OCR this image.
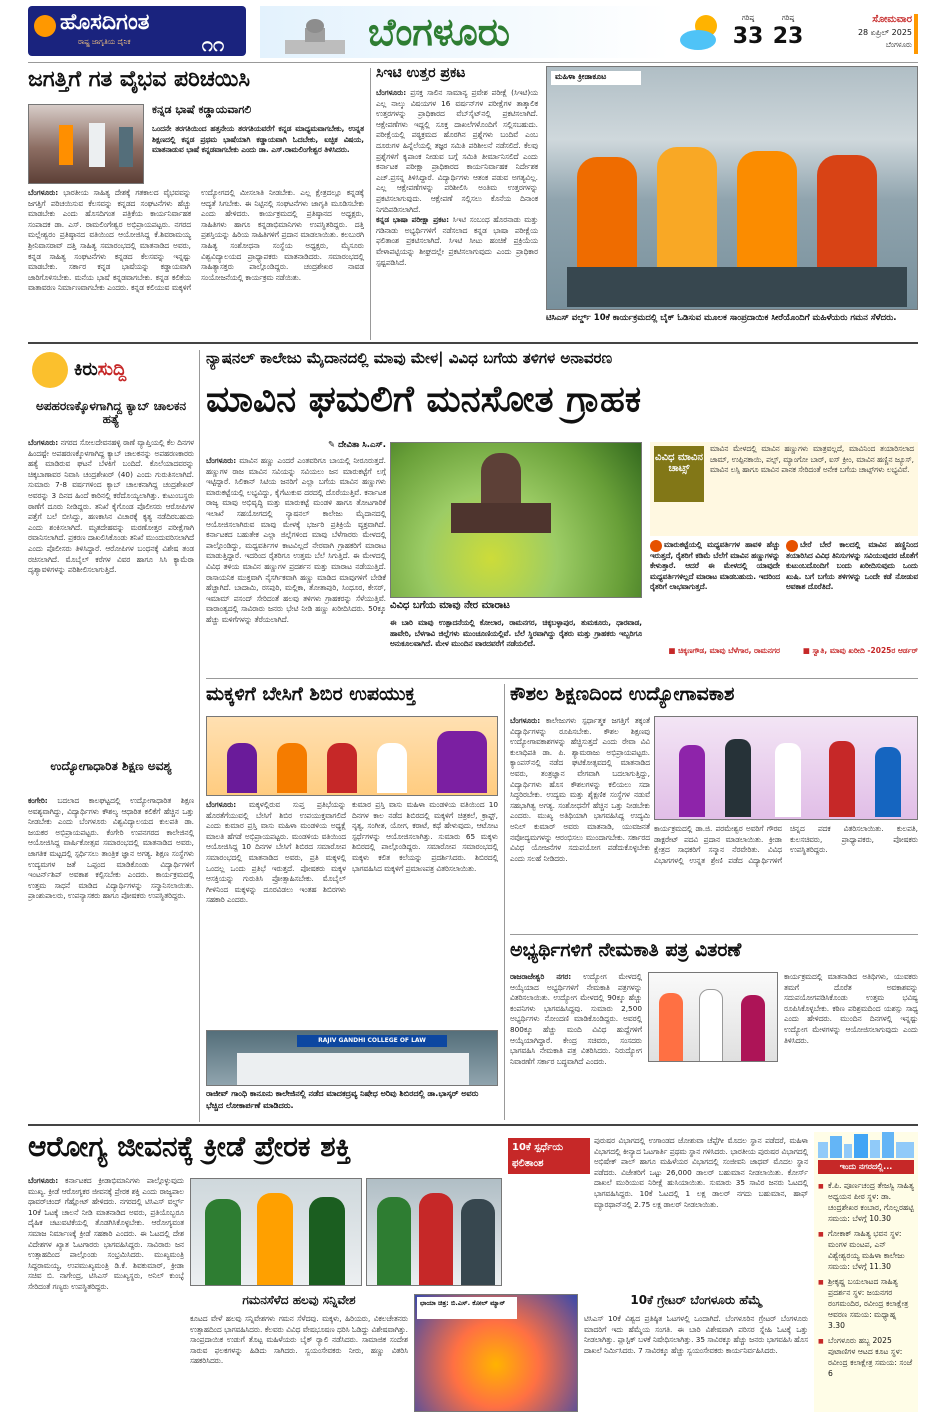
ಹೊಸದಿಗಂತ
ರಾಷ್ಟ್ರ ಜಾಗೃತಿಯ ದೈನಿಕ	೧೧	ಬೆಂಗಳೂರು	ಗರಿಷ್ಠ
33
ಗರಿಷ್ಠ
23
ಸೋಮವಾರ
28 ಏಪ್ರಿಲ್ 2025
ಬೆಂಗಳೂರು
ಜಗತ್ತಿಗೆ ಗತ ವೈಭವ ಪರಿಚಯಿಸಿ
ಕನ್ನಡ ಭಾಷೆ ಕಡ್ಡಾಯವಾಗಲಿ
ಒಂದನೇ ತರಗತಿಯಿಂದ ಹತ್ತನೇಯ ತರಗತಿಯವರೆಗೆ ಕನ್ನಡ ಮಾಧ್ಯಮವಾಗಬೇಕು, ಉನ್ನತ ಶಿಕ್ಷಣದಲ್ಲಿ ಕನ್ನಡ ಪ್ರಥಮ ಭಾಷೆಯಾಗಿ ಕಡ್ಡಾಯವಾಗಿ ಓದಬೇಕು, ಐಚ್ಛಿಕ ವಿಷಯ, ಮಾತನಾಡುವ ಭಾಷೆ ಕನ್ನಡವಾಗಬೇಕು ಎಂದು ಡಾ. ಎಸ್.ರಾಮಲಿಂಗೇಶ್ವರ ತಿಳಿಸಿದರು.
ಬೆಂಗಳೂರು: ಭಾರತೀಯ ಸಾಹಿತ್ಯ ದೇಶಕ್ಕೆ ಗತಕಾಲದ ವೈಭವವನ್ನು ಜಗತ್ತಿಗೆ ಪರಿಚಯಿಸುವ ಕೆಲಸವನ್ನು ಕನ್ನಡದ ಸಂಘಟನೆಗಳು ಹೆಚ್ಚು ಮಾಡಬೇಕು ಎಂದು ಹೊಸದಿಗಂತ ಪತ್ರಿಕೆಯ ಕಾರ್ಯನಿರ್ವಾಹಕ ಸಂಪಾದಕ ಡಾ. ಎಸ್. ರಾಮಲಿಂಗೇಶ್ವರ ಅಭಿಪ್ರಾಯಪಟ್ಟರು. ನಗರದ ಮಲ್ಲೇಶ್ವರಂ ಪ್ರತಿಷ್ಠಾನದ ವತಿಯಿಂದ ಆಯೋಜಿಸಿದ್ದ ಕೆ.ಶಿವರಾಮಯ್ಯ ಶ್ರೀನಿವಾಸರಾವ್ ದತ್ತಿ ಸಾಹಿತ್ಯ ಸಮಾರಂಭದಲ್ಲಿ ಮಾತನಾಡಿದ ಅವರು, ಕನ್ನಡ ಸಾಹಿತ್ಯ ಸಂಘಟನೆಗಳು ಕನ್ನಡದ ಕೆಲಸವನ್ನು ಇನ್ನಷ್ಟು ಮಾಡಬೇಕು. ಸರ್ಕಾರ ಕನ್ನಡ ಭಾಷೆಯನ್ನು ಕಡ್ಡಾಯವಾಗಿ ಜಾರಿಗೊಳಿಸಬೇಕು. ಮನೆಯ ಭಾಷೆ ಕನ್ನಡವಾಗಬೇಕು. ಕನ್ನಡ ಕಲಿಕೆಯ ವಾತಾವರಣ ನಿರ್ಮಾಣವಾಗಬೇಕು ಎಂದರು. ಕನ್ನಡ ಕಲಿಯುವ ಮಕ್ಕಳಿಗೆ ಉದ್ಯೋಗದಲ್ಲಿ ಮೀಸಲಾತಿ ನೀಡಬೇಕು. ಎಲ್ಲ ಕ್ಷೇತ್ರದಲ್ಲೂ ಕನ್ನಡಕ್ಕೆ ಆದ್ಯತೆ ಸಿಗಬೇಕು. ಈ ನಿಟ್ಟಿನಲ್ಲಿ ಸಂಘಟನೆಗಳು ಜಾಗೃತಿ ಮೂಡಿಸಬೇಕು ಎಂದು ಹೇಳಿದರು. ಕಾರ್ಯಕ್ರಮದಲ್ಲಿ ಪ್ರತಿಷ್ಠಾನದ ಅಧ್ಯಕ್ಷರು, ಸಾಹಿತಿಗಳು ಹಾಗೂ ಕನ್ನಡಾಭಿಮಾನಿಗಳು ಉಪಸ್ಥಿತರಿದ್ದರು. ದತ್ತಿ ಪ್ರಶಸ್ತಿಯನ್ನು ಹಿರಿಯ ಸಾಹಿತಿಗಳಿಗೆ ಪ್ರದಾನ ಮಾಡಲಾಯಿತು. ಕಲಬುರಗಿ ಸಾಹಿತ್ಯ ಸಂಶೋಧನಾ ಸಂಸ್ಥೆಯ ಅಧ್ಯಕ್ಷರು, ಮೈಸೂರು ವಿಶ್ವವಿದ್ಯಾಲಯದ ಪ್ರಾಧ್ಯಾಪಕರು ಮಾತನಾಡಿದರು. ಸಮಾರಂಭದಲ್ಲಿ ಸಾಹಿತ್ಯಾಸಕ್ತರು ಪಾಲ್ಗೊಂಡಿದ್ದರು. ಚಂದ್ರಶೇಖರ ನಾವಡ ಸಂಯೋಜನೆಯಲ್ಲಿ ಕಾರ್ಯಕ್ರಮ ನಡೆಯಿತು.
ಸಿಇಟಿ ಉತ್ತರ ಪ್ರಕಟ
ಬೆಂಗಳೂರು: ಪ್ರಸಕ್ತ ಸಾಲಿನ ಸಾಮಾನ್ಯ ಪ್ರವೇಶ ಪರೀಕ್ಷೆ (ಸಿಇಟಿ)ಯ ಎಲ್ಲ ನಾಲ್ಕು ವಿಷಯಗಳ 16 ವರ್ಷನ್‌ಗಳ ಪರೀಕ್ಷೆಗಳ ತಾತ್ಕಾಲಿಕ ಉತ್ತರಗಳನ್ನು ಪ್ರಾಧಿಕಾರದ ವೆಬ್‌ಸೈಟ್‌ನಲ್ಲಿ ಪ್ರಕಟಿಸಲಾಗಿದೆ. ಆಕ್ಷೇಪಣೆಗಳು ಇದ್ದಲ್ಲಿ ಸೂಕ್ತ ದಾಖಲೆಗಳೊಂದಿಗೆ ಸಲ್ಲಿಸಬಹುದು. ಪರೀಕ್ಷೆಯಲ್ಲಿ ಪಠ್ಯಕ್ರಮದ ಹೊರಗಿನ ಪ್ರಶ್ನೆಗಳು ಬಂದಿವೆ ಎಂಬ ದೂರುಗಳ ಹಿನ್ನೆಲೆಯಲ್ಲಿ ತಜ್ಞರ ಸಮಿತಿ ಪರಿಶೀಲನೆ ನಡೆಸಲಿದೆ. ಕೆಲವು ಪ್ರಶ್ನೆಗಳಿಗೆ ಕೃಪಾಂಕ ನೀಡುವ ಬಗ್ಗೆ ಸಮಿತಿ ತೀರ್ಮಾನಿಸಲಿದೆ ಎಂದು ಕರ್ನಾಟಕ ಪರೀಕ್ಷಾ ಪ್ರಾಧಿಕಾರದ ಕಾರ್ಯನಿರ್ವಾಹಕ ನಿರ್ದೇಶಕ ಎಚ್.ಪ್ರಸನ್ನ ತಿಳಿಸಿದ್ದಾರೆ. ವಿದ್ಯಾರ್ಥಿಗಳು ಆತಂಕ ಪಡುವ ಅಗತ್ಯವಿಲ್ಲ. ಎಲ್ಲ ಆಕ್ಷೇಪಣೆಗಳನ್ನು ಪರಿಶೀಲಿಸಿ ಅಂತಿಮ ಉತ್ತರಗಳನ್ನು ಪ್ರಕಟಿಸಲಾಗುವುದು. ಆಕ್ಷೇಪಣೆ ಸಲ್ಲಿಸಲು ಕೊನೆಯ ದಿನಾಂಕ ನಿಗದಿಪಡಿಸಲಾಗಿದೆ.
ಕನ್ನಡ ಭಾಷಾ ಪರೀಕ್ಷಾ ಪ್ರಕಟ: ಸಿಇಟಿ ಸಂಬಂಧ ಹೊರನಾಡು ಮತ್ತು ಗಡಿನಾಡು ಅಭ್ಯರ್ಥಿಗಳಿಗೆ ನಡೆಸಲಾದ ಕನ್ನಡ ಭಾಷಾ ಪರೀಕ್ಷೆಯ ಫಲಿತಾಂಶ ಪ್ರಕಟಿಸಲಾಗಿದೆ. ಸಿಇಟಿ ಸೀಟು ಹಂಚಿಕೆ ಪ್ರಕ್ರಿಯೆಯ ವೇಳಾಪಟ್ಟಿಯನ್ನು ಶೀಘ್ರದಲ್ಲೇ ಪ್ರಕಟಿಸಲಾಗುವುದು ಎಂದು ಪ್ರಾಧಿಕಾರ ಸ್ಪಷ್ಟಪಡಿಸಿದೆ.
ಮಹಿಳಾ ಕ್ರೀಡಾಕೂಟ
ಟಿಸಿಎಸ್ ವರ್ಲ್ಡ್ 10ಕೆ ಕಾರ್ಯಕ್ರಮದಲ್ಲಿ ಬೈಕ್ ಓಡಿಸುವ ಮೂಲಕ ಸಾಂಪ್ರದಾಯಿಕ ಸೀರೆಯೊಂದಿಗೆ ಮಹಿಳೆಯರು ಗಮನ ಸೆಳೆದರು.
ಕಿರುಸುದ್ದಿ
ಅಪಹರಣಕ್ಕೊಳಗಾಗಿದ್ದ ಕ್ಯಾಬ್ ಚಾಲಕನ ಹತ್ಯೆ
ಬೆಂಗಳೂರು: ನಗರದ ಸೋಲದೇವನಹಳ್ಳಿ ಠಾಣೆ ವ್ಯಾಪ್ತಿಯಲ್ಲಿ ಕೆಲ ದಿನಗಳ ಹಿಂದಷ್ಟೇ ಅಪಹರಣಕ್ಕೊಳಗಾಗಿದ್ದ ಕ್ಯಾಬ್ ಚಾಲಕನನ್ನು ಅಪಹರಣಕಾರರು ಹತ್ಯೆ ಮಾಡಿರುವ ಘಟನೆ ಬೆಳಕಿಗೆ ಬಂದಿದೆ. ಕೊಲೆಯಾದವರನ್ನು ಚಿಕ್ಕಬಾಣಾವರ ನಿವಾಸಿ ಚಂದ್ರಶೇಖರ್ (40) ಎಂದು ಗುರುತಿಸಲಾಗಿದೆ. ಸುಮಾರು 7-8 ವರ್ಷಗಳಿಂದ ಕ್ಯಾಬ್ ಚಾಲಕನಾಗಿದ್ದ ಚಂದ್ರಶೇಖರ್ ಅವರನ್ನು 3 ದಿನದ ಹಿಂದೆ ಕಾರಿನಲ್ಲಿ ಕರೆದೊಯ್ಯಲಾಗಿತ್ತು. ಕುಟುಂಬಸ್ಥರು ಠಾಣೆಗೆ ದೂರು ನೀಡಿದ್ದರು. ತನಿಖೆ ಕೈಗೊಂಡ ಪೊಲೀಸರು ಆರೋಪಿಗಳ ಪತ್ತೆಗೆ ಬಲೆ ಬೀಸಿದ್ದು, ಹಣಕಾಸಿನ ವಿಚಾರಕ್ಕೆ ಕೃತ್ಯ ನಡೆದಿರಬಹುದು ಎಂದು ಶಂಕಿಸಲಾಗಿದೆ. ಮೃತದೇಹವನ್ನು ಮರಣೋತ್ತರ ಪರೀಕ್ಷೆಗಾಗಿ ರವಾನಿಸಲಾಗಿದೆ. ಪ್ರಕರಣ ದಾಖಲಿಸಿಕೊಂಡು ತನಿಖೆ ಮುಂದುವರಿಸಲಾಗಿದೆ ಎಂದು ಪೊಲೀಸರು ತಿಳಿಸಿದ್ದಾರೆ. ಆರೋಪಿಗಳ ಬಂಧನಕ್ಕೆ ವಿಶೇಷ ತಂಡ ರಚಿಸಲಾಗಿದೆ. ಮೊಬೈಲ್ ಕರೆಗಳ ವಿವರ ಹಾಗೂ ಸಿಸಿ ಕ್ಯಾಮೆರಾ ದೃಶ್ಯಾವಳಿಗಳನ್ನು ಪರಿಶೀಲಿಸಲಾಗುತ್ತಿದೆ.
ಉದ್ಯೋಗಾಧಾರಿತ ಶಿಕ್ಷಣ ಅವಶ್ಯ
ಕಂಗೇರಿ: ಬದಲಾದ ಕಾಲಘಟ್ಟದಲ್ಲಿ ಉದ್ಯೋಗಾಧಾರಿತ ಶಿಕ್ಷಣ ಅವಶ್ಯವಾಗಿದ್ದು, ವಿದ್ಯಾರ್ಥಿಗಳು ಕೌಶಲ್ಯ ಆಧಾರಿತ ಕಲಿಕೆಗೆ ಹೆಚ್ಚಿನ ಒತ್ತು ನೀಡಬೇಕು ಎಂದು ಬೆಂಗಳೂರು ವಿಶ್ವವಿದ್ಯಾಲಯದ ಕುಲಪತಿ ಡಾ. ಜಯಕರ ಅಭಿಪ್ರಾಯಪಟ್ಟರು. ಕೆಂಗೇರಿ ಉಪನಗರದ ಕಾಲೇಜಿನಲ್ಲಿ ಆಯೋಜಿಸಿದ್ದ ವಾರ್ಷಿಕೋತ್ಸವ ಸಮಾರಂಭದಲ್ಲಿ ಮಾತನಾಡಿದ ಅವರು, ಜಾಗತಿಕ ಮಟ್ಟದಲ್ಲಿ ಸ್ಪರ್ಧಿಸಲು ತಾಂತ್ರಿಕ ಜ್ಞಾನ ಅಗತ್ಯ. ಶಿಕ್ಷಣ ಸಂಸ್ಥೆಗಳು ಉದ್ಯಮಗಳ ಜತೆ ಒಪ್ಪಂದ ಮಾಡಿಕೊಂಡು ವಿದ್ಯಾರ್ಥಿಗಳಿಗೆ ಇಂಟರ್ನ್‌ಶಿಪ್ ಅವಕಾಶ ಕಲ್ಪಿಸಬೇಕು ಎಂದರು. ಕಾರ್ಯಕ್ರಮದಲ್ಲಿ ಉತ್ತಮ ಸಾಧನೆ ಮಾಡಿದ ವಿದ್ಯಾರ್ಥಿಗಳನ್ನು ಸನ್ಮಾನಿಸಲಾಯಿತು. ಪ್ರಾಂಶುಪಾಲರು, ಉಪನ್ಯಾಸಕರು ಹಾಗೂ ಪೋಷಕರು ಉಪಸ್ಥಿತರಿದ್ದರು.
ನ್ಯಾಷನಲ್ ಕಾಲೇಜು ಮೈದಾನದಲ್ಲಿ ಮಾವು ಮೇಳ| ವಿವಿಧ ಬಗೆಯ ತಳಿಗಳ ಅನಾವರಣ
ಮಾವಿನ ಘಮಲಿಗೆ ಮನಸೋತ ಗ್ರಾಹಕ
✎ ದೇವಿತಾ ಸಿ.ಎಸ್.
ಬೆಂಗಳೂರು: ಮಾವಿನ ಹಣ್ಣು ಎಂದರೆ ಎಂತವರಿಗೂ ಬಾಯಲ್ಲಿ ನೀರೂರುತ್ತದೆ. ಹಣ್ಣುಗಳ ರಾಜ ಮಾವಿನ ಸವಿಯನ್ನು ಸವಿಯಲು ಜನ ಮಾರುಕಟ್ಟೆಗೆ ಲಗ್ಗೆ ಇಟ್ಟಿದ್ದಾರೆ. ಸಿಲಿಕಾನ್ ಸಿಟಿಯ ಜನರಿಗೆ ಎಲ್ಲಾ ಬಗೆಯ ಮಾವಿನ ಹಣ್ಣುಗಳು ಮಾರುಕಟ್ಟೆಯಲ್ಲಿ ಲಭ್ಯವಿದ್ದು, ಕೈಗೆಟುಕುವ ದರದಲ್ಲಿ ದೊರೆಯುತ್ತಿವೆ. ಕರ್ನಾಟಕ ರಾಜ್ಯ ಮಾವು ಅಭಿವೃದ್ಧಿ ಮತ್ತು ಮಾರುಕಟ್ಟೆ ಮಂಡಳಿ ಹಾಗೂ ತೋಟಗಾರಿಕೆ ಇಲಾಖೆ ಸಹಯೋಗದಲ್ಲಿ ನ್ಯಾಷನಲ್ ಕಾಲೇಜು ಮೈದಾನದಲ್ಲಿ ಆಯೋಜಿಸಲಾಗಿರುವ ಮಾವು ಮೇಳಕ್ಕೆ ಭರ್ಜರಿ ಪ್ರತಿಕ್ರಿಯೆ ವ್ಯಕ್ತವಾಗಿದೆ. ಕರ್ನಾಟಕದ ಬಹುತೇಕ ಎಲ್ಲಾ ಜಿಲ್ಲೆಗಳಿಂದ ಮಾವು ಬೆಳೆಗಾರರು ಮೇಳದಲ್ಲಿ ಪಾಲ್ಗೊಂಡಿದ್ದು, ಮಧ್ಯವರ್ತಿಗಳ ಕಾಟವಿಲ್ಲದೆ ನೇರವಾಗಿ ಗ್ರಾಹಕರಿಗೆ ಮಾರಾಟ ಮಾಡುತ್ತಿದ್ದಾರೆ. ಇದರಿಂದ ರೈತರಿಗೂ ಉತ್ತಮ ಬೆಲೆ ಸಿಗುತ್ತಿದೆ. ಈ ಮೇಳದಲ್ಲಿ ವಿವಿಧ ತಳಿಯ ಮಾವಿನ ಹಣ್ಣುಗಳ ಪ್ರದರ್ಶನ ಮತ್ತು ಮಾರಾಟ ನಡೆಯುತ್ತಿದೆ. ರಾಸಾಯನಿಕ ಮುಕ್ತವಾಗಿ ನೈಸರ್ಗಿಕವಾಗಿ ಹಣ್ಣು ಮಾಡಿದ ಮಾವುಗಳಿಗೆ ಬೇಡಿಕೆ ಹೆಚ್ಚಾಗಿದೆ. ಬಾದಾಮಿ, ರಸಪುರಿ, ಮಲ್ಲಿಕಾ, ತೋತಾಪುರಿ, ಸಿಂಧೂರ, ಕೇಸರ್, ಇಮಾಮ್ ಪಸಂದ್ ಸೇರಿದಂತೆ ಹಲವು ತಳಿಗಳು ಗ್ರಾಹಕರನ್ನು ಸೆಳೆಯುತ್ತಿವೆ. ವಾರಾಂತ್ಯದಲ್ಲಿ ಸಾವಿರಾರು ಜನರು ಭೇಟಿ ನೀಡಿ ಹಣ್ಣು ಖರೀದಿಸಿದರು. 50ಕ್ಕೂ ಹೆಚ್ಚು ಮಳಿಗೆಗಳನ್ನು ತೆರೆಯಲಾಗಿದೆ.
ವಿವಿಧ ಬಗೆಯ ಮಾವು ನೇರ ಮಾರಾಟ
ಈ ಬಾರಿ ಮಾವು ಉತ್ಪಾದನೆಯಲ್ಲಿ ಕೋಲಾರ, ರಾಮನಗರ, ಚಿಕ್ಕಬಳ್ಳಾಪುರ, ತುಮಕೂರು, ಧಾರವಾಡ, ಹಾವೇರಿ, ಬೆಳಗಾವಿ ಜಿಲ್ಲೆಗಳು ಮುಂಚೂಣಿಯಲ್ಲಿವೆ. ಬೆಲೆ ಸ್ಥಿರವಾಗಿದ್ದು ರೈತರು ಮತ್ತು ಗ್ರಾಹಕರು ಇಬ್ಬರಿಗೂ ಅನುಕೂಲವಾಗಿದೆ. ಮೇಳ ಮುಂದಿನ ವಾರದವರೆಗೆ ನಡೆಯಲಿದೆ.
ವಿವಿಧ ಮಾವಿನ ಚಾಟ್ಸ್
ಮಾವಿನ ಮೇಳದಲ್ಲಿ ಮಾವಿನ ಹಣ್ಣುಗಳು ಮಾತ್ರವಲ್ಲದೆ, ಮಾವಿನಿಂದ ತಯಾರಿಸಲಾದ ಜಾಮ್, ಉಪ್ಪಿನಕಾಯಿ, ಪಲ್ಪ್, ಮ್ಯಾಂಗೋ ಬಾರ್, ಐಸ್ ಕ್ರೀಂ, ಮಾವಿನ ಹಣ್ಣಿನ ಜ್ಯೂಸ್, ಮಾವಿನ ಲಸ್ಸಿ ಹಾಗೂ ಮಾವಿನ ಪಾನಕ ಸೇರಿದಂತೆ ಅನೇಕ ಬಗೆಯ ಚಾಟ್ಸ್‌ಗಳು ಲಭ್ಯವಿವೆ.
ಮಾರುಕಟ್ಟೆಯಲ್ಲಿ ಮಧ್ಯವರ್ತಿಗಳ ಹಾವಳಿ ಹೆಚ್ಚು ಇರುತ್ತದೆ, ರೈತರಿಗೆ ಕಡಿಮೆ ಬೆಲೆಗೆ ಮಾವಿನ ಹಣ್ಣುಗಳನ್ನು ಕೇಳುತ್ತಾರೆ. ಆದರೆ ಈ ಮೇಳದಲ್ಲಿ ಯಾವುದೇ ಮಧ್ಯವರ್ತಿಗಳಿಲ್ಲದೆ ಮಾರಾಟ ಮಾಡಬಹುದು. ಇದರಿಂದ ರೈತರಿಗೆ ಲಾಭವಾಗುತ್ತದೆ.
■ ಚಿಕ್ಕಣಗೌಡ, ಮಾವು ಬೆಳೆಗಾರ, ರಾಮನಗರ
ಬೇರೆ ಬೇರೆ ಕಾಲದಲ್ಲಿ ಮಾವಿನ ಹಣ್ಣಿನಿಂದ ತಯಾರಿಸಿದ ವಿವಿಧ ತಿನಿಸುಗಳನ್ನು ಸವಿಯುವುದರ ಜೊತೆಗೆ ಕುಟುಂಬದೊಂದಿಗೆ ಬಂದು ಖರೀದಿಸುವುದು ಒಂದು ಖುಷಿ. ಬಗೆ ಬಗೆಯ ತಳಿಗಳನ್ನು ಒಂದೇ ಕಡೆ ನೋಡುವ ಅವಕಾಶ ದೊರೆತಿದೆ.
■ ಸ್ವಾತಿ, ಮಾವು ಖರೀದಿ -2025ರ ಆರ್ಡರ್
ಮಕ್ಕಳಿಗೆ ಬೇಸಿಗೆ ಶಿಬಿರ ಉಪಯುಕ್ತ
ಬೆಂಗಳೂರು: ಮಕ್ಕಳಲ್ಲಿರುವ ಸುಪ್ತ ಪ್ರತಿಭೆಯನ್ನು ಹೊರತೆಗೆಯುವಲ್ಲಿ ಬೇಸಿಗೆ ಶಿಬಿರ ಉಪಯುಕ್ತವಾಗಲಿದೆ ಎಂದು ಕುಮಾರ ಪ್ರಸ್ತಿ ವಾಸು ಮಹಿಳಾ ಮಂಡಳಿಯ ಅಧ್ಯಕ್ಷೆ ಮಾಲತಿ ಹೆಗಡೆ ಅಭಿಪ್ರಾಯಪಟ್ಟರು. ಮಂಡಳಿಯ ವತಿಯಿಂದ ಆಯೋಜಿಸಿದ್ದ 10 ದಿನಗಳ ಬೇಸಿಗೆ ಶಿಬಿರದ ಸಮಾರೋಪ ಸಮಾರಂಭದಲ್ಲಿ ಮಾತನಾಡಿದ ಅವರು, ಪ್ರತಿ ಮಕ್ಕಳಲ್ಲಿ ಒಂದಲ್ಲ ಒಂದು ಪ್ರತಿಭೆ ಇರುತ್ತದೆ. ಪೋಷಕರು ಮಕ್ಕಳ ಆಸಕ್ತಿಯನ್ನು ಗುರುತಿಸಿ ಪ್ರೋತ್ಸಾಹಿಸಬೇಕು. ಮೊಬೈಲ್ ಗೀಳಿನಿಂದ ಮಕ್ಕಳನ್ನು ದೂರವಿಡಲು ಇಂತಹ ಶಿಬಿರಗಳು ಸಹಕಾರಿ ಎಂದರು.
ಕುಮಾರ ಪ್ರಸ್ತಿ ವಾಸು ಮಹಿಳಾ ಮಂಡಳಿಯ ವತಿಯಿಂದ 10 ದಿನಗಳ ಕಾಲ ನಡೆದ ಶಿಬಿರದಲ್ಲಿ ಮಕ್ಕಳಿಗೆ ಚಿತ್ರಕಲೆ, ಕ್ರಾಫ್ಟ್, ನೃತ್ಯ, ಸಂಗೀತ, ಯೋಗ, ಕರಾಟೆ, ಕಥೆ ಹೇಳುವುದು, ಆಟೋಟ ಸ್ಪರ್ಧೆಗಳನ್ನು ಆಯೋಜಿಸಲಾಗಿತ್ತು. ಸುಮಾರು 65 ಮಕ್ಕಳು ಶಿಬಿರದಲ್ಲಿ ಪಾಲ್ಗೊಂಡಿದ್ದರು. ಸಮಾರೋಪ ಸಮಾರಂಭದಲ್ಲಿ ಮಕ್ಕಳು ಕಲಿತ ಕಲೆಯನ್ನು ಪ್ರದರ್ಶಿಸಿದರು. ಶಿಬಿರದಲ್ಲಿ ಭಾಗವಹಿಸಿದ ಮಕ್ಕಳಿಗೆ ಪ್ರಮಾಣಪತ್ರ ವಿತರಿಸಲಾಯಿತು.
RAJIV GANDHI COLLEGE OF LAW
ರಾಜೀವ್ ಗಾಂಧಿ ಕಾನೂನು ಕಾಲೇಜಿನಲ್ಲಿ ನಡೆದ ಮಾದಕದ್ರವ್ಯ ನಿಷೇಧ ಅರಿವು ಶಿಬಿರದಲ್ಲಿ ಡಾ.ಭಾಸ್ಕರ್ ಅವರು ಭೆಚ್ಚಿದ ಲೋಕಾರ್ಪಣೆ ಮಾಡಿದರು.
ಕೌಶಲ ಶಿಕ್ಷಣದಿಂದ ಉದ್ಯೋಗಾವಕಾಶ
ಬೆಂಗಳೂರು: ಕಾಲೇಜುಗಳು ಸ್ಪರ್ಧಾತ್ಮಕ ಜಗತ್ತಿಗೆ ತಕ್ಕಂತೆ ವಿದ್ಯಾರ್ಥಿಗಳನ್ನು ರೂಪಿಸಬೇಕು. ಕೌಶಲ ಶಿಕ್ಷಣವು ಉದ್ಯೋಗಾವಕಾಶಗಳನ್ನು ಹೆಚ್ಚಿಸುತ್ತದೆ ಎಂದು ರೇವಾ ವಿವಿ ಕುಲಾಧಿಪತಿ ಡಾ. ಪಿ. ಶ್ಯಾಮರಾಜು ಅಭಿಪ್ರಾಯಪಟ್ಟರು. ಕ್ಯಾಂಪಸ್‌ನಲ್ಲಿ ನಡೆದ ಘಟಿಕೋತ್ಸವದಲ್ಲಿ ಮಾತನಾಡಿದ ಅವರು, ತಂತ್ರಜ್ಞಾನ ವೇಗವಾಗಿ ಬದಲಾಗುತ್ತಿದ್ದು, ವಿದ್ಯಾರ್ಥಿಗಳು ಹೊಸ ಕೌಶಲಗಳನ್ನು ಕಲಿಯಲು ಸದಾ ಸಿದ್ಧರಿರಬೇಕು. ಉದ್ಯಮ ಮತ್ತು ಶೈಕ್ಷಣಿಕ ಸಂಸ್ಥೆಗಳ ನಡುವೆ ಸಹಭಾಗಿತ್ವ ಅಗತ್ಯ. ಸಂಶೋಧನೆಗೆ ಹೆಚ್ಚಿನ ಒತ್ತು ನೀಡಬೇಕು ಎಂದರು. ಮುಖ್ಯ ಅತಿಥಿಯಾಗಿ ಭಾಗವಹಿಸಿದ್ದ ಉದ್ಯಮಿ ಅನಿಲ್ ಕುಮಾರ್ ಅವರು ಮಾತನಾಡಿ, ಯುವಜನತೆ ನವೋದ್ಯಮಗಳನ್ನು ಆರಂಭಿಸಲು ಮುಂದಾಗಬೇಕು. ಸರ್ಕಾರದ ವಿವಿಧ ಯೋಜನೆಗಳ ಸದುಪಯೋಗ ಪಡೆದುಕೊಳ್ಳಬೇಕು ಎಂದು ಸಲಹೆ ನೀಡಿದರು.
ಕಾರ್ಯಕ್ರಮದಲ್ಲಿ ಡಾ.ಜಿ. ಪರಮೇಶ್ವರ ಅವರಿಗೆ ಗೌರವ ಡಾಕ್ಟರೇಟ್ ಪದವಿ ಪ್ರದಾನ ಮಾಡಲಾಯಿತು. ಕ್ರೀಡಾ ಕ್ಷೇತ್ರದ ಸಾಧಕರಿಗೆ ಸನ್ಮಾನ ನೆರವೇರಿತು. ವಿವಿಧ ವಿಭಾಗಗಳಲ್ಲಿ ಉನ್ನತ ಶ್ರೇಣಿ ಪಡೆದ ವಿದ್ಯಾರ್ಥಿಗಳಿಗೆ ಚಿನ್ನದ ಪದಕ ವಿತರಿಸಲಾಯಿತು. ಕುಲಪತಿ, ಕುಲಸಚಿವರು, ಪ್ರಾಧ್ಯಾಪಕರು, ಪೋಷಕರು ಉಪಸ್ಥಿತರಿದ್ದರು.
ಅಭ್ಯರ್ಥಿಗಳಿಗೆ ನೇಮಕಾತಿ ಪತ್ರ ವಿತರಣೆ
ರಾಜರಾಜೇಶ್ವರಿ ನಗರ: ಉದ್ಯೋಗ ಮೇಳದಲ್ಲಿ ಆಯ್ಕೆಯಾದ ಅಭ್ಯರ್ಥಿಗಳಿಗೆ ನೇಮಕಾತಿ ಪತ್ರಗಳನ್ನು ವಿತರಿಸಲಾಯಿತು. ಉದ್ಯೋಗ ಮೇಳದಲ್ಲಿ 90ಕ್ಕೂ ಹೆಚ್ಚು ಕಂಪನಿಗಳು ಭಾಗವಹಿಸಿದ್ದವು. ಸುಮಾರು 2,500 ಅಭ್ಯರ್ಥಿಗಳು ನೋಂದಣಿ ಮಾಡಿಕೊಂಡಿದ್ದರು. ಅವರಲ್ಲಿ 800ಕ್ಕೂ ಹೆಚ್ಚು ಮಂದಿ ವಿವಿಧ ಹುದ್ದೆಗಳಿಗೆ ಆಯ್ಕೆಯಾಗಿದ್ದಾರೆ. ಕೇಂದ್ರ ಸಚಿವರು, ಸಂಸದರು ಭಾಗವಹಿಸಿ ನೇಮಕಾತಿ ಪತ್ರ ವಿತರಿಸಿದರು. ನಿರುದ್ಯೋಗ ನಿವಾರಣೆಗೆ ಸರ್ಕಾರ ಬದ್ಧವಾಗಿದೆ ಎಂದರು.
ಕಾರ್ಯಕ್ರಮದಲ್ಲಿ ಮಾತನಾಡಿದ ಅತಿಥಿಗಳು, ಯುವಕರು ತಮಗೆ ದೊರೆತ ಅವಕಾಶವನ್ನು ಸದುಪಯೋಗಪಡಿಸಿಕೊಂಡು ಉತ್ತಮ ಭವಿಷ್ಯ ರೂಪಿಸಿಕೊಳ್ಳಬೇಕು. ಕಠಿಣ ಪರಿಶ್ರಮದಿಂದ ಯಶಸ್ಸು ಸಾಧ್ಯ ಎಂದು ಹೇಳಿದರು. ಮುಂದಿನ ದಿನಗಳಲ್ಲಿ ಇನ್ನಷ್ಟು ಉದ್ಯೋಗ ಮೇಳಗಳನ್ನು ಆಯೋಜಿಸಲಾಗುವುದು ಎಂದು ತಿಳಿಸಿದರು.
ಆರೋಗ್ಯ ಜೀವನಕ್ಕೆ ಕ್ರೀಡೆ ಪ್ರೇರಕ ಶಕ್ತಿ
ಬೆಂಗಳೂರು: ಕರ್ನಾಟಕದ ಕ್ರೀಡಾಭಿಮಾನಿಗಳು ಪಾಲ್ಗೊಳ್ಳುವುದು ಮುಖ್ಯ. ಕ್ರೀಡೆ ಆರೋಗ್ಯಕರ ಜೀವನಕ್ಕೆ ಪ್ರೇರಕ ಶಕ್ತಿ ಎಂದು ರಾಜ್ಯಪಾಲ ಥಾವರ್‌ಚಂದ್ ಗೆಹ್ಲೋಟ್ ಹೇಳಿದರು. ನಗರದಲ್ಲಿ ಟಿಸಿಎಸ್ ವರ್ಲ್ಡ್ 10ಕೆ ಓಟಕ್ಕೆ ಚಾಲನೆ ನೀಡಿ ಮಾತನಾಡಿದ ಅವರು, ಪ್ರತಿಯೊಬ್ಬರೂ ದೈಹಿಕ ಚಟುವಟಿಕೆಯಲ್ಲಿ ತೊಡಗಿಸಿಕೊಳ್ಳಬೇಕು. ಆರೋಗ್ಯವಂತ ಸಮಾಜ ನಿರ್ಮಾಣಕ್ಕೆ ಕ್ರೀಡೆ ಸಹಕಾರಿ ಎಂದರು. ಈ ಓಟದಲ್ಲಿ ದೇಶ ವಿದೇಶಗಳ ಖ್ಯಾತ ಓಟಗಾರರು ಭಾಗವಹಿಸಿದ್ದರು. ಸಾವಿರಾರು ಜನ ಉತ್ಸಾಹದಿಂದ ಪಾಲ್ಗೊಂಡು ಸಂಭ್ರಮಿಸಿದರು. ಮುಖ್ಯಮಂತ್ರಿ ಸಿದ್ದರಾಮಯ್ಯ, ಉಪಮುಖ್ಯಮಂತ್ರಿ ಡಿ.ಕೆ. ಶಿವಕುಮಾರ್, ಕ್ರೀಡಾ ಸಚಿವ ಬಿ. ನಾಗೇಂದ್ರ, ಟಿಸಿಎಸ್ ಮುಖ್ಯಸ್ಥರು, ಅನಿಲ್ ಕುಂಬ್ಳೆ ಸೇರಿದಂತೆ ಗಣ್ಯರು ಉಪಸ್ಥಿತರಿದ್ದರು.
10ಕೆ ಸ್ಪರ್ಧೆಯ ಫಲಿತಾಂಶ
ಪುರುಷರ ವಿಭಾಗದಲ್ಲಿ ಉಗಾಂಡದ ಜೋಶುವಾ ಚೆಪ್ಟೆಗೀ ಮೊದಲ ಸ್ಥಾನ ಪಡೆದರೆ, ಮಹಿಳಾ ವಿಭಾಗದಲ್ಲಿ ಕೀನ್ಯಾದ ಓಟಗಾರ್ತಿ ಪ್ರಥಮ ಸ್ಥಾನ ಗಳಿಸಿದರು. ಭಾರತೀಯ ಪುರುಷರ ವಿಭಾಗದಲ್ಲಿ ಅಭಿಷೇಕ್ ಪಾಲ್ ಹಾಗೂ ಮಹಿಳೆಯರ ವಿಭಾಗದಲ್ಲಿ ಸಂಜೀವನಿ ಜಾಧವ್ ಮೊದಲ ಸ್ಥಾನ ಪಡೆದರು. ವಿಜೇತರಿಗೆ ಒಟ್ಟು 26,000 ಡಾಲರ್ ಬಹುಮಾನ ನೀಡಲಾಯಿತು. ಕೋರ್ಸ್ ದಾಖಲೆ ಮುರಿಯುವ ನಿರೀಕ್ಷೆ ಹುಸಿಯಾಯಿತು. ಸುಮಾರು 35 ಸಾವಿರ ಜನರು ಓಟದಲ್ಲಿ ಭಾಗವಹಿಸಿದ್ದರು. 10ಕೆ ಓಟದಲ್ಲಿ 1 ಲಕ್ಷ ಡಾಲರ್ ನಗದು ಬಹುಮಾನ, ಹಾಫ್ ಮ್ಯಾರಥಾನ್‌ನಲ್ಲಿ 2.75 ಲಕ್ಷ ಡಾಲರ್ ನೀಡಲಾಯಿತು.
ಗಮನಸೆಳೆದ ಹಲವು ಸನ್ನಿವೇಶ
ಕೂಟದ ವೇಳೆ ಹಲವು ಸನ್ನಿವೇಶಗಳು ಗಮನ ಸೆಳೆದವು. ಮಕ್ಕಳು, ಹಿರಿಯರು, ವಿಕಲಚೇತನರು ಉತ್ಸಾಹದಿಂದ ಭಾಗವಹಿಸಿದರು. ಕೆಲವರು ವಿವಿಧ ವೇಷಭೂಷಣ ಧರಿಸಿ ಓಡಿದ್ದು ವಿಶೇಷವಾಗಿತ್ತು. ಸಾಂಪ್ರದಾಯಿಕ ಉಡುಗೆ ತೊಟ್ಟ ಮಹಿಳೆಯರು ಬೈಕ್ ರ‍್ಯಾಲಿ ನಡೆಸಿದರು. ಸಾಮಾಜಿಕ ಸಂದೇಶ ಸಾರುವ ಫಲಕಗಳನ್ನು ಹಿಡಿದು ಸಾಗಿದರು. ಸ್ವಯಂಸೇವಕರು ನೀರು, ಹಣ್ಣು ವಿತರಿಸಿ ಸಹಕರಿಸಿದರು.
ಛಾಯಾ ಚಿತ್ರ: ಬಿ.ಎಸ್. ಕೋಲ್ ಮ್ಯಾನ್	10ಕೆ ಗ್ರೇಟರ್ ಬೆಂಗಳೂರು ಹೆಮ್ಮೆ
ಟಿಸಿಎಸ್ 10ಕೆ ವಿಶ್ವದ ಪ್ರತಿಷ್ಠಿತ ಓಟಗಳಲ್ಲಿ ಒಂದಾಗಿದೆ. ಬೆಂಗಳೂರಿನ ಗ್ರೇಟರ್ ಬೆಂಗಳೂರು ಮಾದರಿಗೆ ಇದು ಹೆಮ್ಮೆಯ ಸಂಗತಿ. ಈ ಬಾರಿ ವಿಶೇಷವಾಗಿ ಪರಿಸರ ಸ್ನೇಹಿ ಓಟಕ್ಕೆ ಒತ್ತು ನೀಡಲಾಗಿತ್ತು. ಪ್ಲಾಸ್ಟಿಕ್ ಬಳಕೆ ನಿಷೇಧಿಸಲಾಗಿತ್ತು. 35 ಸಾವಿರಕ್ಕೂ ಹೆಚ್ಚು ಜನರು ಭಾಗವಹಿಸಿ ಹೊಸ ದಾಖಲೆ ನಿರ್ಮಿಸಿದರು. 7 ಸಾವಿರಕ್ಕೂ ಹೆಚ್ಚು ಸ್ವಯಂಸೇವಕರು ಕಾರ್ಯನಿರ್ವಹಿಸಿದರು.
ಇಂದು ನಗರದಲ್ಲಿ...
■ ಕೆ.ಪಿ. ಪೂರ್ಣಚಂದ್ರ ತೇಜಸ್ವಿ ಸಾಹಿತ್ಯ ಅಧ್ಯಯನ ಪೀಠ ಸ್ಥಳ: ಡಾ. ಚಂದ್ರಶೇಖರ ಕಂಬಾರ, ಗೊಲ್ಲರಹಟ್ಟಿ ಸಮಯ: ಬೆಳಗ್ಗೆ 10.30
■ ಗೋಕಾಕ್ ಸಾಹಿತ್ಯ ಭವನ ಸ್ಥಳ: ಮಂಗಳ ಮಂಟಪ, ಎನ್ ವಿಶ್ವೇಶ್ವರಯ್ಯ ಮಹಿಳಾ ಕಾಲೇಜು ಸಮಯ: ಬೆಳಗ್ಗೆ 11.30
■ ಶ್ರೀಕೃಷ್ಣ ಬಯಲಾಟದ ಸಾಹಿತ್ಯ ಪ್ರದರ್ಶನ ಸ್ಥಳ: ಜಯನಗರ ರಂಗಮಂದಿರ, ರವೀಂದ್ರ ಕಲಾಕ್ಷೇತ್ರ ಆವರಣ ಸಮಯ: ಮಧ್ಯಾಹ್ನ 3.30
■ ಬೆಂಗಳೂರು ಹಬ್ಬ 2025 ಪುಟಾಣಿಗಳ ಆಟದ ಕೂಟ ಸ್ಥಳ: ರವೀಂದ್ರ ಕಲಾಕ್ಷೇತ್ರ ಸಮಯ: ಸಂಜೆ 6
